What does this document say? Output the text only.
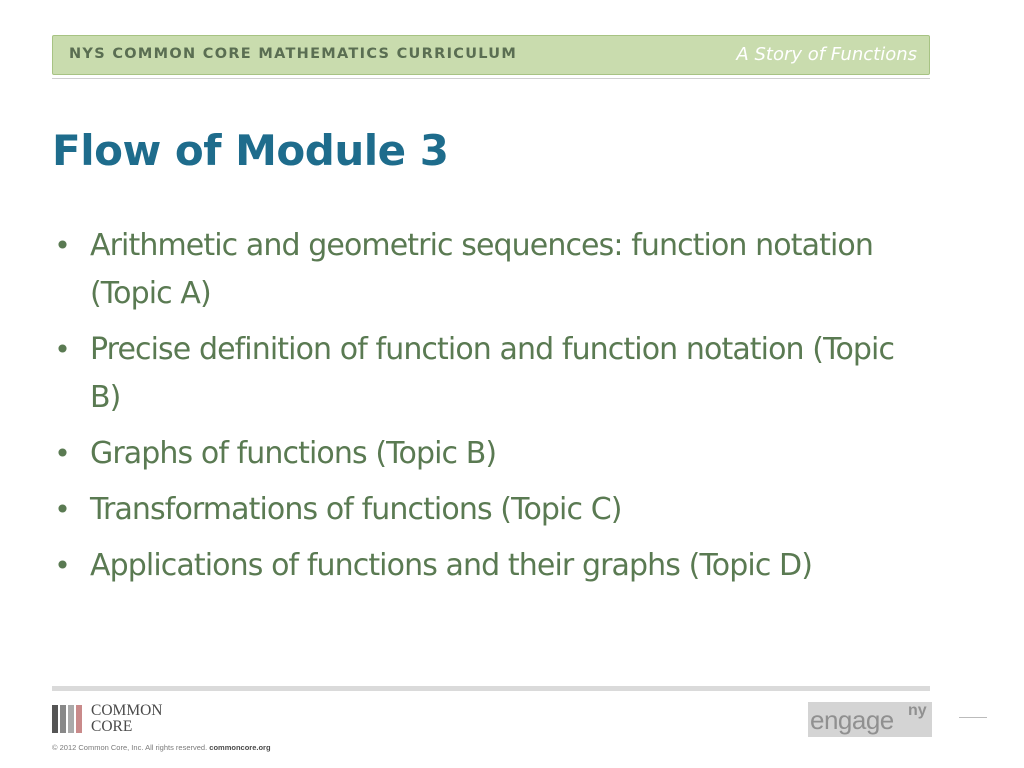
NYS COMMON CORE MATHEMATICS CURRICULUM	A Story of Functions
Flow of Module 3
• Arithmetic and geometric sequences: function notation (Topic A)
• Precise definition of function and function notation (Topic B)
• Graphs of functions (Topic B)
• Transformations of functions (Topic C)
• Applications of functions and their graphs (Topic D)
COMMON
CORE
© 2012 Common Core, Inc. All rights reserved. commoncore.org
engage ny
